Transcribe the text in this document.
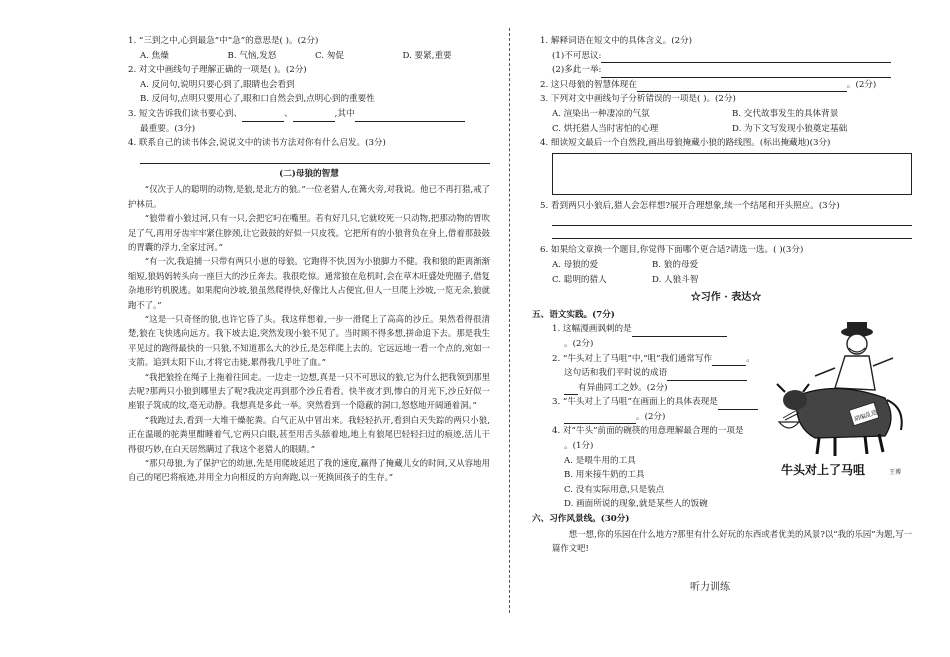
1. “三到之中,心到最急”中“急”的意思是( )。(2分)
A. 焦燥	B. 气恼,发怒	C. 匆促	D. 要紧,重要
2. 对文中画线句子理解正确的一项是( )。(2分)
A. 反问句,说明只要心到了,眼睛也会看到
B. 反问句,点明只要用心了,眼和口自然会到,点明心到的重要性
3. 短文告诉我们读书要心到、	、	,其中
最重要。(3分)
4. 联系自己的读书体会,说说文中的读书方法对你有什么启发。(3分)
(二)母狼的智慧

“仅次于人的聪明的动物,是狼,是北方的狼。”一位老猎人,在篝火旁,对我说。他已不再打猎,戒了护林员。

“狼带着小狼过河,只有一只,会把它叼在嘴里。若有好几只,它就咬死一只动物,把那动物的胃吹足了气,再用牙齿牢牢紧住脖颈,让它鼓鼓的好似一只皮筏。它把所有的小狼背负在身上,借着那鼓鼓的胃囊的浮力,全家过河。”

“有一次,我追捕一只带有两只小崽的母狼。它跑得不快,因为小狼脚力不健。我和狼的距离渐渐缩短,狼妈妈转头向一座巨大的沙丘奔去。我很吃惊。通常狼在危机时,会在草木旺盛处兜圈子,借复杂地形钓机脱逃。如果爬向沙坡,狼虽然爬得快,好像比人占便宜,但人一旦爬上沙坡,一览无余,狼就跑不了。”

“这是一只奇怪的狼,也许它昏了头。我这样想着,一步一滑爬上了高高的沙丘。果然看得很清楚,狼在飞快逃向远方。我下坡去追,突然发现小狼不见了。当时顾不得多想,拼命追下去。那是我生平见过的跑得最快的一只狼,不知道那么大的沙丘,是怎样爬上去的。它远远地一看一个点的,宛如一支箭。追到太阳下山,才将它击毙,累得我几乎吐了血。”

“我把狼拴在绳子上拖着往回走。一边走一边想,真是一只不可思议的狼,它为什么把我领到那里去呢?那两只小狼到哪里去了呢?我决定再到那个沙丘看看。快半夜才到,惨白的月光下,沙丘好似一座银子筑成的坟,毫无动静。我想真是多此一举。突然看到一个隐蔽的洞口,怒悠地开阔通着洞。”

“我跑过去,看到一大堆干燥驼粪。白气正从中冒出来。我轻轻扒开,看到白天失踪的两只小狼,正在温暖的驼粪里酣睡着气,它两只白眼,甚至用舌头舔着地,地上有狼尾巴轻轻扫过的痕迹,活儿干得很巧妙,在白天居然瞒过了我这个老猎人的眼睛。”

“那只母狼,为了保护它的幼崽,先是用爬坡延迟了我的速度,赢得了掩藏儿女的时间,又从容地用自己的尾巴将痕迹,并用全力向相反的方向奔跑,以一死换回孩子的生存。”

1. 解释词语在短文中的具体含义。(2分)
(1)不可思议:
(2)多此一举:
2. 这只母狼的智慧体现在	。(2分)
3. 下列对文中画线句子分析错误的一项是( )。(2分)
A. 渲染出一种凄凉的气氛	B. 交代故事发生的具体背景
C. 烘托猎人当时害怕的心理	D. 为下文写发现小狼奠定基础
4. 细读短文最后一个自然段,画出母狼掩藏小狼的路线图。(标出掩藏地)(3分)
5. 看到两只小狼后,猎人会怎样想?展开合理想象,续一个结尾和开头照应。(3分)
6. 如果给文章换一个题目,你觉得下面哪个更合适?请选一选。( )(3分)
A. 母狼的爱	B. 狼的母爱
C. 聪明的猎人	D. 人狼斗智
☆习作 · 表达☆
五、语文实践。(7分)
1. 这幅漫画讽刺的是
。(2分)
2. “牛头对上了马咀”中,“咀”我们通常写作	。
这句话和我们平时说的成语
有异曲同工之妙。(2分)
3. “牛头对上了马咀”在画面上的具体表现是
。(2分)
4. 对“牛头”前面的碗筷的用意理解最合理的一项是
。(1分)
A. 是喂牛用的工具
B. 用来接牛奶的工具
C. 没有实际用意,只是装点
D. 画面所说的现象,就是某些人的饭碗
六、习作风景线。(30分)

想一想,你的乐园在什么地方?那里有什么好玩的东西或者优美的风景?以“我的乐园”为题,写一篇作文吧!

胡编乱造
牛头对上了马咀	王博
听力训练
